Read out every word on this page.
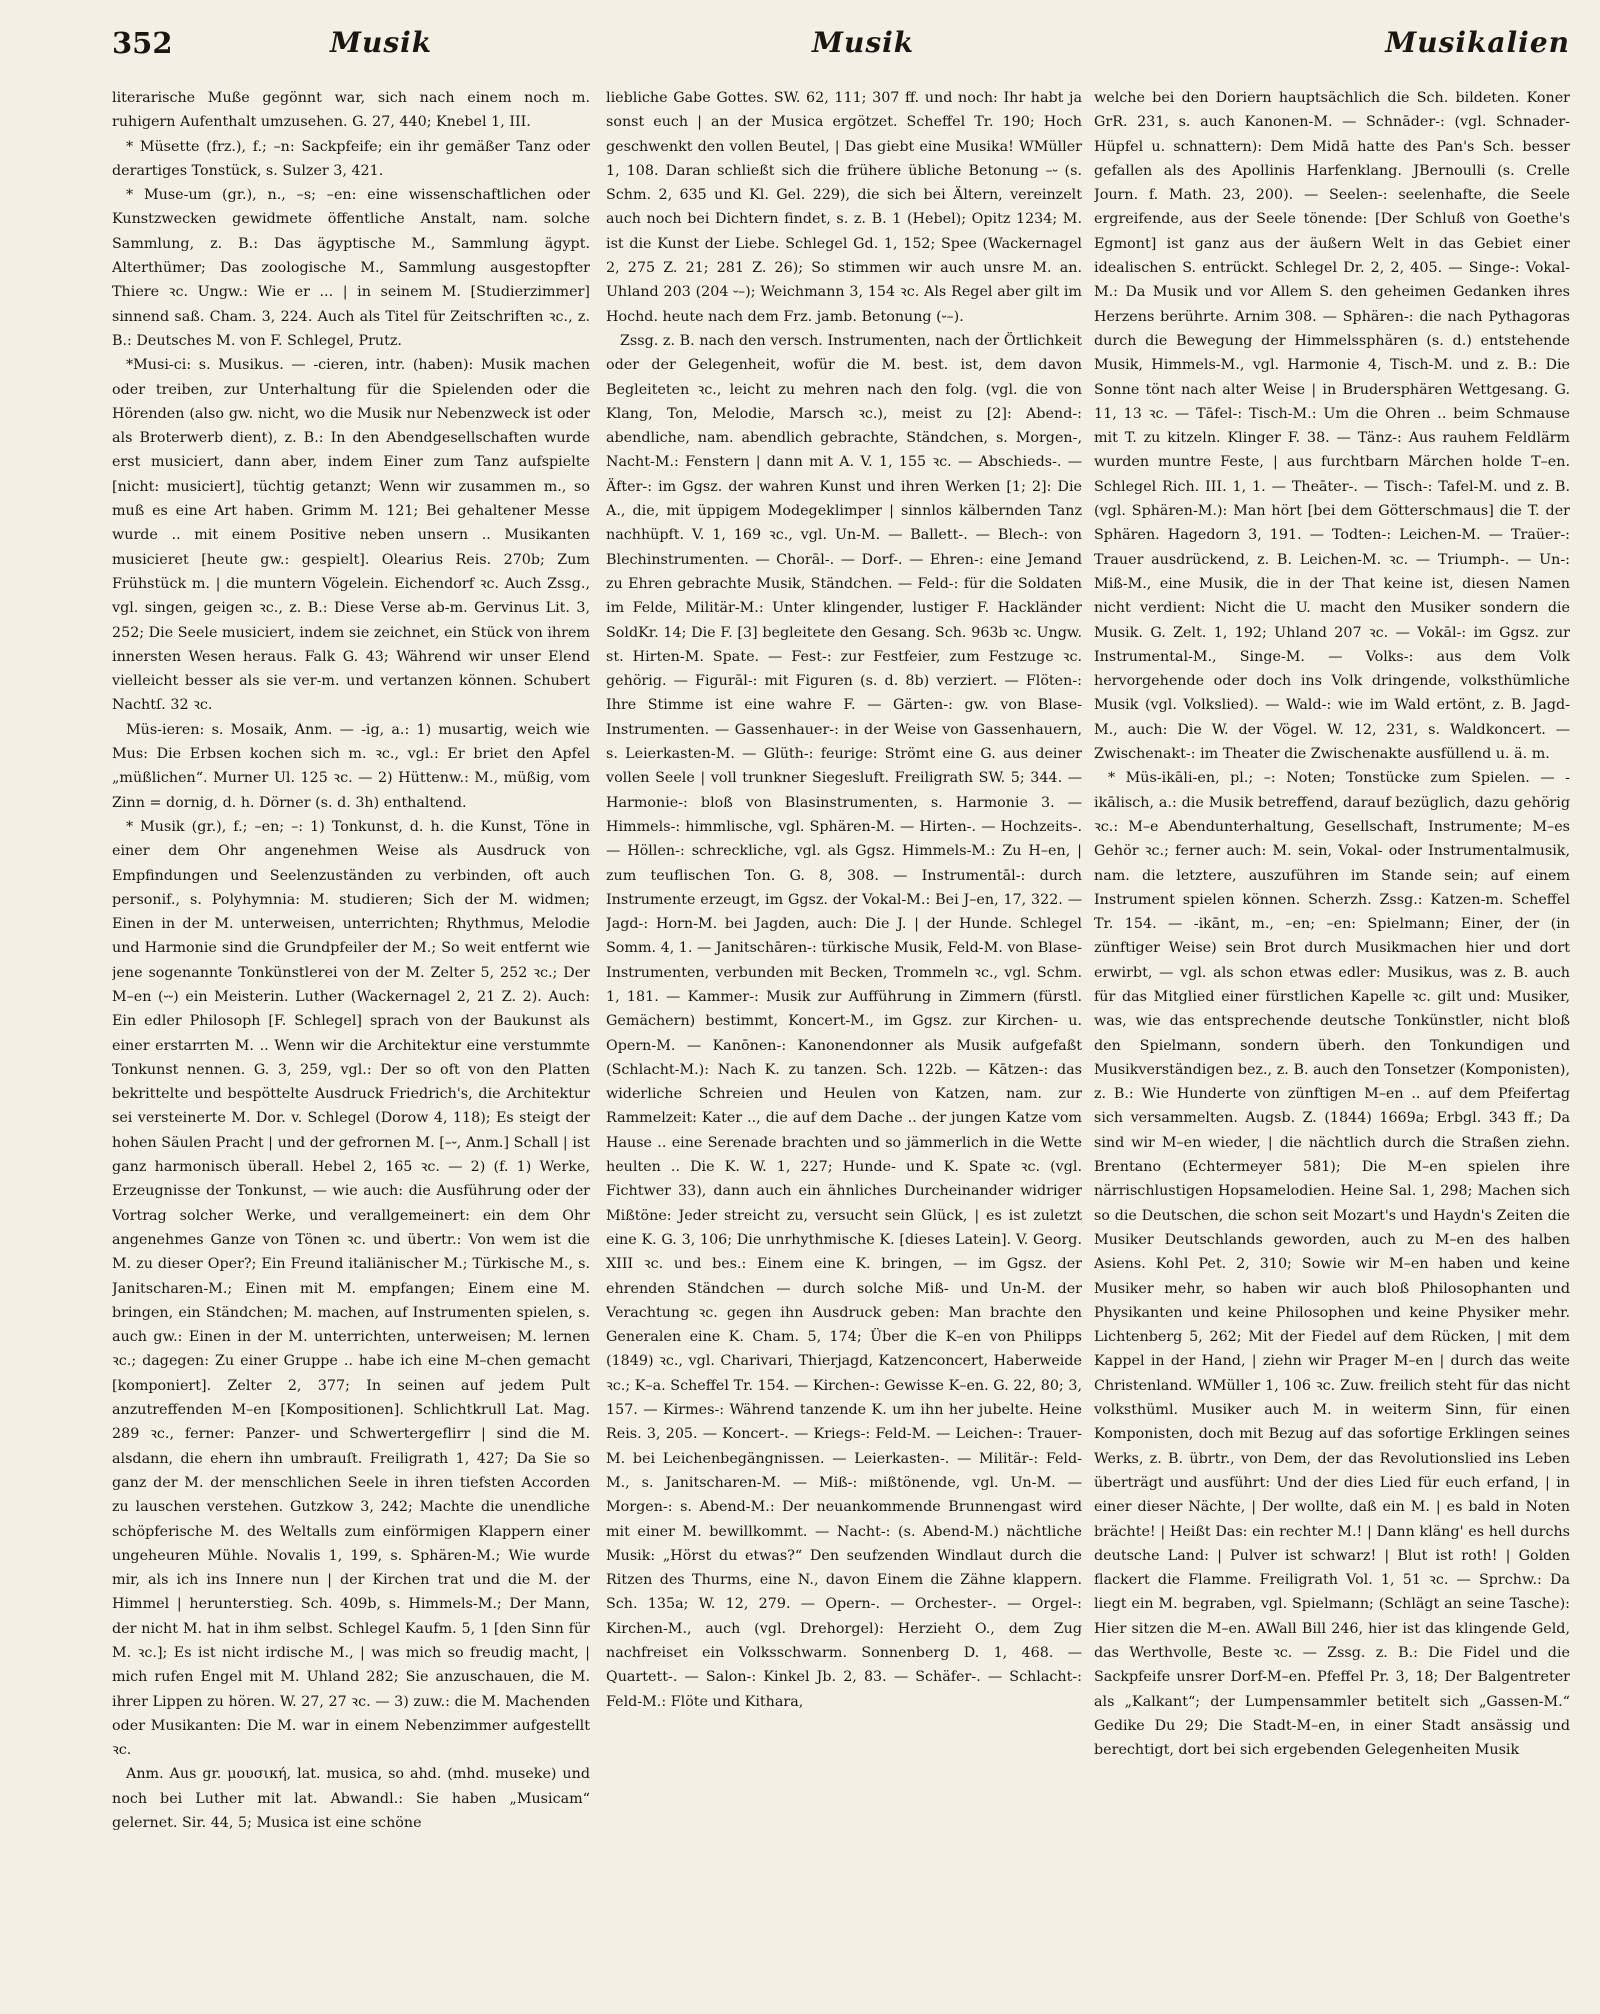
352	Musik	Musik	Musikalien

literarische Muße gegönnt war, sich nach einem noch m. ruhigern Aufenthalt umzusehen. G. 27, 440; Knebel 1, III.

* Müsette (frz.), f.; –n: Sackpfeife; ein ihr gemäßer Tanz oder derartiges Tonstück, s. Sulzer 3, 421.

* Muse-um (gr.), n., –s; –en: eine wissenschaftlichen oder Kunstzwecken gewidmete öffentliche Anstalt, nam. solche Sammlung, z. B.: Das ägyptische M., Sammlung ägypt. Alterthümer; Das zoologische M., Sammlung ausgestopfter Thiere ꝛc. Ungw.: Wie er ... | in seinem M. [Studierzimmer] sinnend saß. Cham. 3, 224. Auch als Titel für Zeitschriften ꝛc., z. B.: Deutsches M. von F. Schlegel, Prutz.

*Musi-ci: s. Musikus. — -cieren, intr. (haben): Musik machen oder treiben, zur Unterhaltung für die Spielenden oder die Hörenden (also gw. nicht, wo die Musik nur Nebenzweck ist oder als Broterwerb dient), z. B.: In den Abendgesellschaften wurde erst musiciert, dann aber, indem Einer zum Tanz aufspielte [nicht: musiciert], tüchtig getanzt; Wenn wir zusammen m., so muß es eine Art haben. Grimm M. 121; Bei gehaltener Messe wurde .. mit einem Positive neben unsern .. Musikanten musicieret [heute gw.: gespielt]. Olearius Reis. 270b; Zum Frühstück m. | die muntern Vögelein. Eichendorf ꝛc. Auch Zssg., vgl. singen, geigen ꝛc., z. B.: Diese Verse ab-m. Gervinus Lit. 3, 252; Die Seele musiciert, indem sie zeichnet, ein Stück von ihrem innersten Wesen heraus. Falk G. 43; Während wir unser Elend vielleicht besser als sie ver-m. und vertanzen können. Schubert Nachtſ. 32 ꝛc.

Müs-ieren: s. Mosaik, Anm. — -ig, a.: 1) musartig, weich wie Mus: Die Erbsen kochen sich m. ꝛc., vgl.: Er briet den Apfel „müßlichen“. Murner Ul. 125 ꝛc. — 2) Hüttenw.: M., müßig, vom Zinn = dornig, d. h. Dörner (s. d. 3h) enthaltend.

* Musik (gr.), f.; –en; –: 1) Tonkunst, d. h. die Kunst, Töne in einer dem Ohr angenehmen Weise als Ausdruck von Empfindungen und Seelenzuständen zu verbinden, oft auch personif., s. Polyhymnia: M. studieren; Sich der M. widmen; Einen in der M. unterweisen, unterrichten; Rhythmus, Melodie und Harmonie sind die Grundpfeiler der M.; So weit entfernt wie jene sogenannte Tonkünstlerei von der M. Zelter 5, 252 ꝛc.; Der M–en (⏑⏑) ein Meisterin. Luther (Wackernagel 2, 21 Z. 2). Auch: Ein edler Philosoph [F. Schlegel] sprach von der Baukunst als einer erstarrten M. .. Wenn wir die Architektur eine verstummte Tonkunst nennen. G. 3, 259, vgl.: Der so oft von den Platten bekrittelte und bespöttelte Ausdruck Friedrich's, die Architektur sei versteinerte M. Dor. v. Schlegel (Dorow 4, 118); Es steigt der hohen Säulen Pracht | und der gefrornen M. [–⏑, Anm.] Schall | ist ganz harmonisch überall. Hebel 2, 165 ꝛc. — 2) (f. 1) Werke, Erzeugnisse der Tonkunst, — wie auch: die Ausführung oder der Vortrag solcher Werke, und verallgemeinert: ein dem Ohr angenehmes Ganze von Tönen ꝛc. und übertr.: Von wem ist die M. zu dieser Oper?; Ein Freund italiänischer M.; Türkische M., s. Janitscharen-M.; Einen mit M. empfangen; Einem eine M. bringen, ein Ständchen; M. machen, auf Instrumenten spielen, s. auch gw.: Einen in der M. unterrichten, unterweisen; M. lernen ꝛc.; dagegen: Zu einer Gruppe .. habe ich eine M–chen gemacht [komponiert]. Zelter 2, 377; In seinen auf jedem Pult anzutreffenden M–en [Kompositionen]. Schlichtkrull Lat. Mag. 289 ꝛc., ferner: Panzer- und Schwertergeflirr | sind die M. alsdann, die ehern ihn umbrauſt. Freiligrath 1, 427; Da Sie so ganz der M. der menschlichen Seele in ihren tiefsten Accorden zu lauschen verstehen. Gutzkow 3, 242; Machte die unendliche schöpferische M. des Weltalls zum einförmigen Klappern einer ungeheuren Mühle. Novalis 1, 199, s. Sphären-M.; Wie wurde mir, als ich ins Innere nun | der Kirchen trat und die M. der Himmel | herunterstieg. Sch. 409b, s. Himmels-M.; Der Mann, der nicht M. hat in ihm selbst. Schlegel Kaufm. 5, 1 [den Sinn für M. ꝛc.]; Es ist nicht irdische M., | was mich so freudig macht, | mich rufen Engel mit M. Uhland 282; Sie anzuschauen, die M. ihrer Lippen zu hören. W. 27, 27 ꝛc. — 3) zuw.: die M. Machenden oder Musikanten: Die M. war in einem Nebenzimmer aufgestellt ꝛc.

Anm. Aus gr. μουσική, lat. musica, so ahd. (mhd. museke) und noch bei Luther mit lat. Abwandl.: Sie haben „Musicam“ gelernet. Sir. 44, 5; Musica ist eine schöne

liebliche Gabe Gottes. SW. 62, 111; 307 ff. und noch: Ihr habt ja sonst euch | an der Musica ergötzet. Scheffel Tr. 190; Hoch geschwenkt den vollen Beutel, | Das giebt eine Musika! WMüller 1, 108. Daran schließt sich die frühere übliche Betonung –⏑ (s. Schm. 2, 635 und Kl. Gel. 229), die sich bei Ältern, vereinzelt auch noch bei Dichtern findet, s. z. B. 1 (Hebel); Opitz 1234; M. ist die Kunst der Liebe. Schlegel Gd. 1, 152; Spee (Wackernagel 2, 275 Z. 21; 281 Z. 26); So stimmen wir auch unsre M. an. Uhland 203 (204 ⏑–); Weichmann 3, 154 ꝛc. Als Regel aber gilt im Hochd. heute nach dem Frz. jamb. Betonung (⏑–).

Zssg. z. B. nach den versch. Instrumenten, nach der Örtlichkeit oder der Gelegenheit, wofür die M. best. ist, dem davon Begleiteten ꝛc., leicht zu mehren nach den folg. (vgl. die von Klang, Ton, Melodie, Marsch ꝛc.), meist zu [2]: Abend-: abendliche, nam. abendlich gebrachte, Ständchen, s. Morgen-, Nacht-M.: Fenstern | dann mit A. V. 1, 155 ꝛc. — Abschieds-. — Äfter-: im Ggsz. der wahren Kunst und ihren Werken [1; 2]: Die A., die, mit üppigem Modegeklimper | sinnlos kälbernden Tanz nachhüpft. V. 1, 169 ꝛc., vgl. Un-M. — Ballett-. — Blech-: von Blechinstrumenten. — Chorāl-. — Dorf-. — Ehren-: eine Jemand zu Ehren gebrachte Musik, Ständchen. — Feld-: für die Soldaten im Felde, Militär-M.: Unter klingender, lustiger F. Hackländer SoldKr. 14; Die F. [3] begleitete den Gesang. Sch. 963b ꝛc. Ungw. st. Hirten-M. Spate. — Fest-: zur Festfeier, zum Festzuge ꝛc. gehörig. — Figurāl-: mit Figuren (s. d. 8b) verziert. — Flöten-: Ihre Stimme ist eine wahre F. — Gärten-: gw. von Blase-Instrumenten. — Gassenhauer-: in der Weise von Gassenhauern, s. Leierkasten-M. — Glüth-: feurige: Strömt eine G. aus deiner vollen Seele | voll trunkner Siegesluft. Freiligrath SW. 5; 344. — Harmonie-: bloß von Blasinstrumenten, s. Harmonie 3. — Himmels-: himmlische, vgl. Sphären-M. — Hirten-. — Hochzeits-. — Höllen-: schreckliche, vgl. als Ggsz. Himmels-M.: Zu H–en, | zum teuflischen Ton. G. 8, 308. — Instrumentāl-: durch Instrumente erzeugt, im Ggsz. der Vokal-M.: Bei J–en, 17, 322. — Jagd-: Horn-M. bei Jagden, auch: Die J. | der Hunde. Schlegel Somm. 4, 1. — Janitschāren-: türkische Musik, Feld-M. von Blase-Instrumenten, verbunden mit Becken, Trommeln ꝛc., vgl. Schm. 1, 181. — Kammer-: Musik zur Aufführung in Zimmern (fürstl. Gemächern) bestimmt, Koncert-M., im Ggsz. zur Kirchen- u. Opern-M. — Kanōnen-: Kanonendonner als Musik aufgefaßt (Schlacht-M.): Nach K. zu tanzen. Sch. 122b. — Kātzen-: das widerliche Schreien und Heulen von Katzen, nam. zur Rammelzeit: Kater .., die auf dem Dache .. der jungen Katze vom Hause .. eine Serenade brachten und so jämmerlich in die Wette heulten .. Die K. W. 1, 227; Hunde- und K. Spate ꝛc. (vgl. Fichtwer 33), dann auch ein ähnliches Durcheinander widriger Mißtöne: Jeder streicht zu, versucht sein Glück, | es ist zuletzt eine K. G. 3, 106; Die unrhythmische K. [dieses Latein]. V. Georg. XIII ꝛc. und bes.: Einem eine K. bringen, — im Ggsz. der ehrenden Ständchen — durch solche Miß- und Un-M. der Verachtung ꝛc. gegen ihn Ausdruck geben: Man brachte den Generalen eine K. Cham. 5, 174; Über die K–en von Philipps (1849) ꝛc., vgl. Charivari, Thierjagd, Katzenconcert, Haberweide ꝛc.; K–a. Scheffel Tr. 154. — Kirchen-: Gewisse K–en. G. 22, 80; 3, 157. — Kirmes-: Während tanzende K. um ihn her jubelte. Heine Reis. 3, 205. — Koncert-. — Kriegs-: Feld-M. — Leichen-: Trauer-M. bei Leichenbegängnissen. — Leierkasten-. — Militär-: Feld-M., s. Janitscharen-M. — Miß-: mißtönende, vgl. Un-M. — Morgen-: s. Abend-M.: Der neuankommende Brunnengast wird mit einer M. bewillkommt. — Nacht-: (s. Abend-M.) nächtliche Musik: „Hörst du etwas?“ Den seufzenden Windlaut durch die Ritzen des Thurms, eine N., davon Einem die Zähne klappern. Sch. 135a; W. 12, 279. — Opern-. — Orchester-. — Orgel-: Kirchen-M., auch (vgl. Drehorgel): Herzieht O., dem Zug nachfreiset ein Volksschwarm. Sonnenberg D. 1, 468. — Quartett-. — Salon-: Kinkel Jb. 2, 83. — Schäfer-. — Schlacht-: Feld-M.: Flöte und Kithara,

welche bei den Doriern hauptsächlich die Sch. bildeten. Koner GrR. 231, s. auch Kanonen-M. — Schnāder-: (vgl. Schnader-Hüpfel u. schnattern): Dem Midā hatte des Pan's Sch. besser gefallen als des Apollinis Harfenklang. JBernoulli (s. Crelle Journ. f. Math. 23, 200). — Seelen-: seelenhafte, die Seele ergreifende, aus der Seele tönende: [Der Schluß von Goethe's Egmont] ist ganz aus der äußern Welt in das Gebiet einer idealischen S. entrückt. Schlegel Dr. 2, 2, 405. — Singe-: Vokal-M.: Da Musik und vor Allem S. den geheimen Gedanken ihres Herzens berührte. Arnim 308. — Sphären-: die nach Pythagoras durch die Bewegung der Himmelssphären (s. d.) entstehende Musik, Himmels-M., vgl. Harmonie 4, Tisch-M. und z. B.: Die Sonne tönt nach alter Weise | in Brudersphären Wettgesang. G. 11, 13 ꝛc. — Tāfel-: Tisch-M.: Um die Ohren .. beim Schmause mit T. zu kitzeln. Klinger F. 38. — Tänz-: Aus rauhem Feldlärm wurden muntre Feste, | aus furchtbarn Märchen holde T–en. Schlegel Rich. III. 1, 1. — Theāter-. — Tisch-: Tafel-M. und z. B. (vgl. Sphären-M.): Man hört [bei dem Götterschmaus] die T. der Sphären. Hagedorn 3, 191. — Todten-: Leichen-M. — Traüer-: Trauer ausdrückend, z. B. Leichen-M. ꝛc. — Triumph-. — Un-: Miß-M., eine Musik, die in der That keine ist, diesen Namen nicht verdient: Nicht die U. macht den Musiker sondern die Musik. G. Zelt. 1, 192; Uhland 207 ꝛc. — Vokāl-: im Ggsz. zur Instrumental-M., Singe-M. — Volks-: aus dem Volk hervorgehende oder doch ins Volk dringende, volksthümliche Musik (vgl. Volkslied). — Wald-: wie im Wald ertönt, z. B. Jagd-M., auch: Die W. der Vögel. W. 12, 231, s. Waldkoncert. — Zwischenakt-: im Theater die Zwischenakte ausfüllend u. ä. m.

* Müs-ikāli-en, pl.; –: Noten; Tonstücke zum Spielen. — -ikālisch, a.: die Musik betreffend, darauf bezüglich, dazu gehörig ꝛc.: M–e Abendunterhaltung, Gesellschaft, Instrumente; M–es Gehör ꝛc.; ferner auch: M. sein, Vokal- oder Instrumentalmusik, nam. die letztere, auszuführen im Stande sein; auf einem Instrument spielen können. Scherzh. Zssg.: Katzen-m. Scheffel Tr. 154. — -ikānt, m., –en; –en: Spielmann; Einer, der (in zünftiger Weise) sein Brot durch Musikmachen hier und dort erwirbt, — vgl. als schon etwas edler: Musikus, was z. B. auch für das Mitglied einer fürstlichen Kapelle ꝛc. gilt und: Musiker, was, wie das entsprechende deutsche Tonkünstler, nicht bloß den Spielmann, sondern überh. den Tonkundigen und Musikverständigen bez., z. B. auch den Tonsetzer (Komponisten), z. B.: Wie Hunderte von zünftigen M–en .. auf dem Pfeifertag sich versammelten. Augsb. Z. (1844) 1669a; Erbgl. 343 ff.; Da sind wir M–en wieder, | die nächtlich durch die Straßen ziehn. Brentano (Echtermeyer 581); Die M–en spielen ihre närrischlustigen Hopsamelodien. Heine Sal. 1, 298; Machen sich so die Deutschen, die schon seit Mozart's und Haydn's Zeiten die Musiker Deutschlands geworden, auch zu M–en des halben Asiens. Kohl Pet. 2, 310; Sowie wir M–en haben und keine Musiker mehr, so haben wir auch bloß Philosophanten und Physikanten und keine Philosophen und keine Physiker mehr. Lichtenberg 5, 262; Mit der Fiedel auf dem Rücken, | mit dem Kappel in der Hand, | ziehn wir Prager M–en | durch das weite Christenland. WMüller 1, 106 ꝛc. Zuw. freilich steht für das nicht volksthüml. Musiker auch M. in weiterm Sinn, für einen Komponisten, doch mit Bezug auf das sofortige Erklingen seines Werks, z. B. übrtr., von Dem, der das Revolutionslied ins Leben überträgt und ausführt: Und der dies Lied für euch erfand, | in einer dieser Nächte, | Der wollte, daß ein M. | es bald in Noten brächte! | Heißt Das: ein rechter M.! | Dann kläng' es hell durchs deutsche Land: | Pulver ist schwarz! | Blut ist roth! | Golden flackert die Flamme. Freiligrath Vol. 1, 51 ꝛc. — Sprchw.: Da liegt ein M. begraben, vgl. Spielmann; (Schlägt an seine Tasche): Hier sitzen die M–en. AWall Bill 246, hier ist das klingende Geld, das Werthvolle, Beste ꝛc. — Zssg. z. B.: Die Fidel und die Sackpfeife unsrer Dorf-M–en. Pfeffel Pr. 3, 18; Der Balgentreter als „Kalkant“; der Lumpensammler betitelt sich „Gassen-M.“ Gedike Du 29; Die Stadt-M–en, in einer Stadt ansässig und berechtigt, dort bei sich ergebenden Gelegenheiten Musik
